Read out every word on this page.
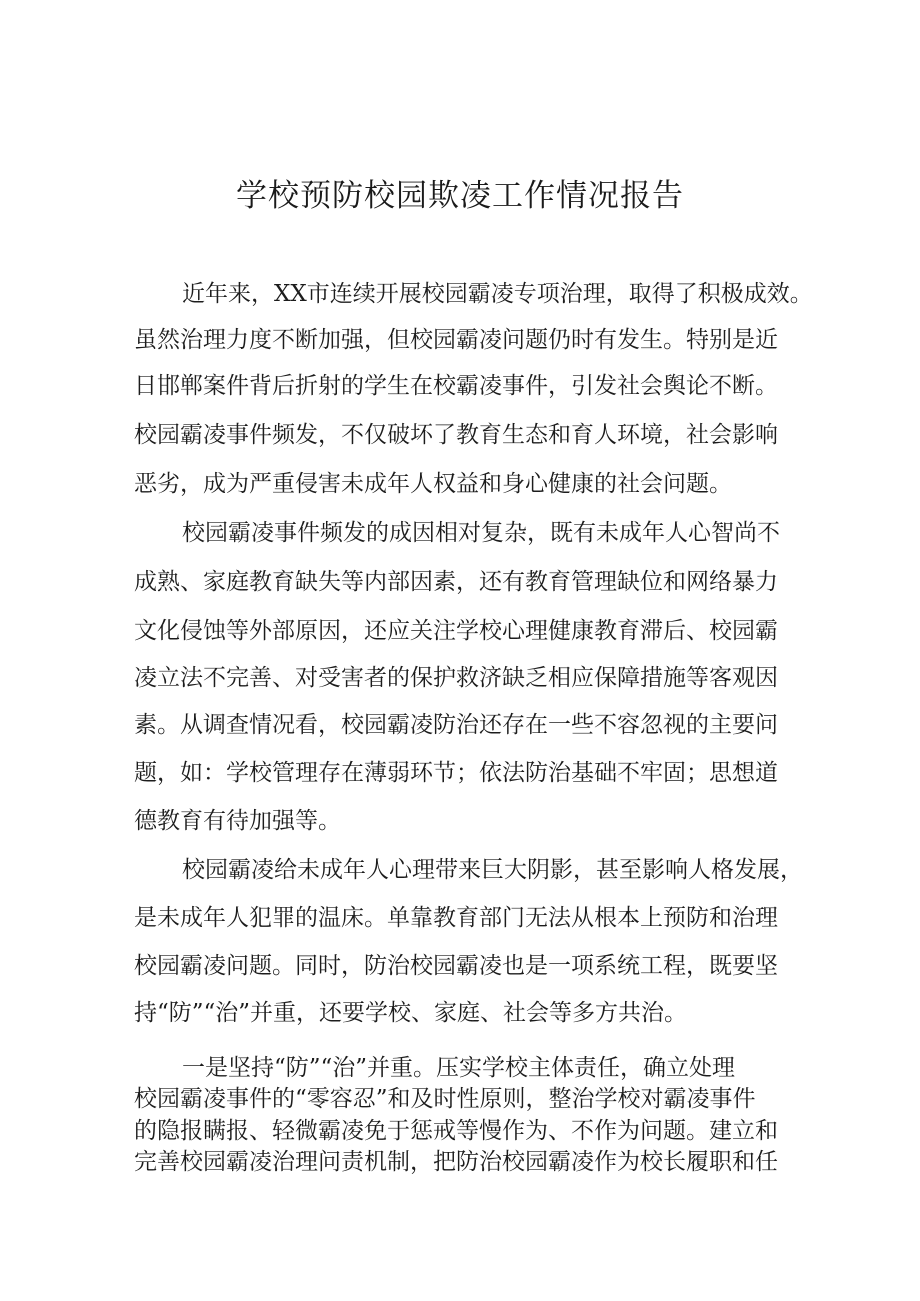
学校预防校园欺凌工作情况报告
近年来，XX市连续开展校园霸凌专项治理，取得了积极成效。
虽然治理力度不断加强，但校园霸凌问题仍时有发生。特别是近
日邯郸案件背后折射的学生在校霸凌事件，引发社会舆论不断。
校园霸凌事件频发，不仅破坏了教育生态和育人环境，社会影响
恶劣，成为严重侵害未成年人权益和身心健康的社会问题。
校园霸凌事件频发的成因相对复杂，既有未成年人心智尚不
成熟、家庭教育缺失等内部因素，还有教育管理缺位和网络暴力
文化侵蚀等外部原因，还应关注学校心理健康教育滞后、校园霸
凌立法不完善、对受害者的保护救济缺乏相应保障措施等客观因
素。从调查情况看，校园霸凌防治还存在一些不容忽视的主要问
题，如：学校管理存在薄弱环节；依法防治基础不牢固；思想道
德教育有待加强等。
校园霸凌给未成年人心理带来巨大阴影，甚至影响人格发展，
是未成年人犯罪的温床。单靠教育部门无法从根本上预防和治理
校园霸凌问题。同时，防治校园霸凌也是一项系统工程，既要坚
持“防”“治”并重，还要学校、家庭、社会等多方共治。
一是坚持“防”“治”并重。压实学校主体责任，确立处理
校园霸凌事件的“零容忍”和及时性原则，整治学校对霸凌事件
的隐报瞒报、轻微霸凌免于惩戒等慢作为、不作为问题。建立和
完善校园霸凌治理问责机制，把防治校园霸凌作为校长履职和任
